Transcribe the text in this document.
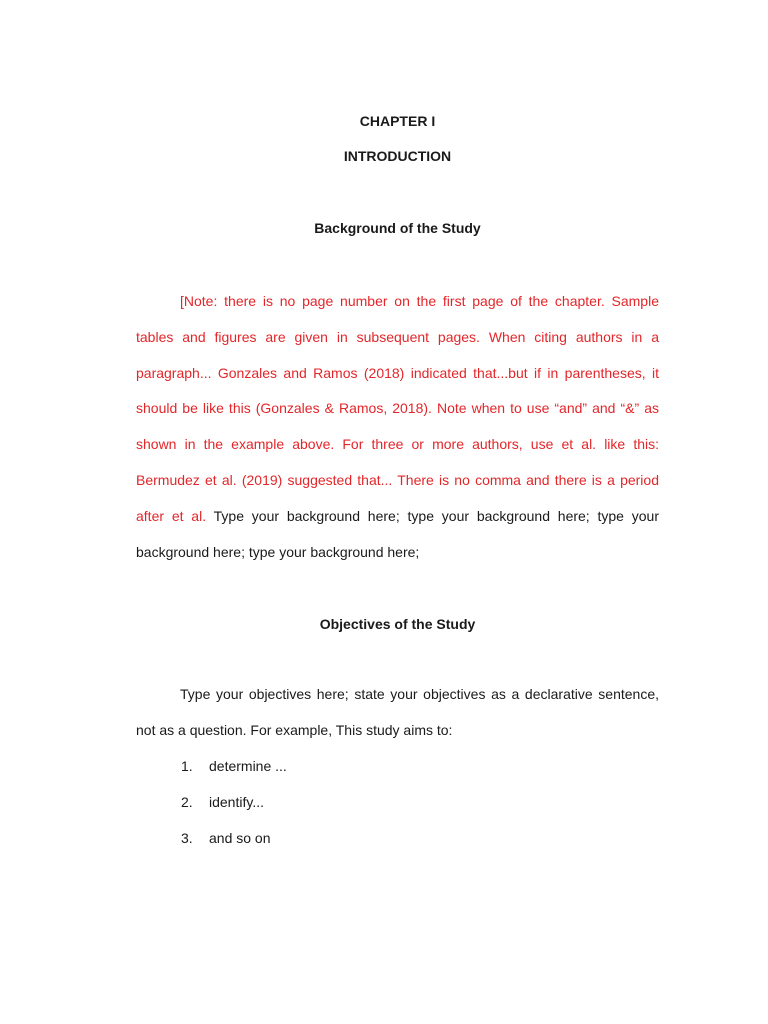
CHAPTER I
INTRODUCTION
Background of the Study

[Note: there is no page number on the first page of the chapter. Sample tables and figures are given in subsequent pages. When citing authors in a paragraph... Gonzales and Ramos (2018) indicated that...but if in parentheses, it should be like this (Gonzales & Ramos, 2018). Note when to use “and” and “&” as shown in the example above. For three or more authors, use et al. like this: Bermudez et al. (2019) suggested that... There is no comma and there is a period after et al. Type your background here; type your background here; type your background here; type your background here;

Objectives of the Study

Type your objectives here; state your objectives as a declarative sentence, not as a question. For example, This study aims to:

1. determine ...
2. identify...
3. and so on
